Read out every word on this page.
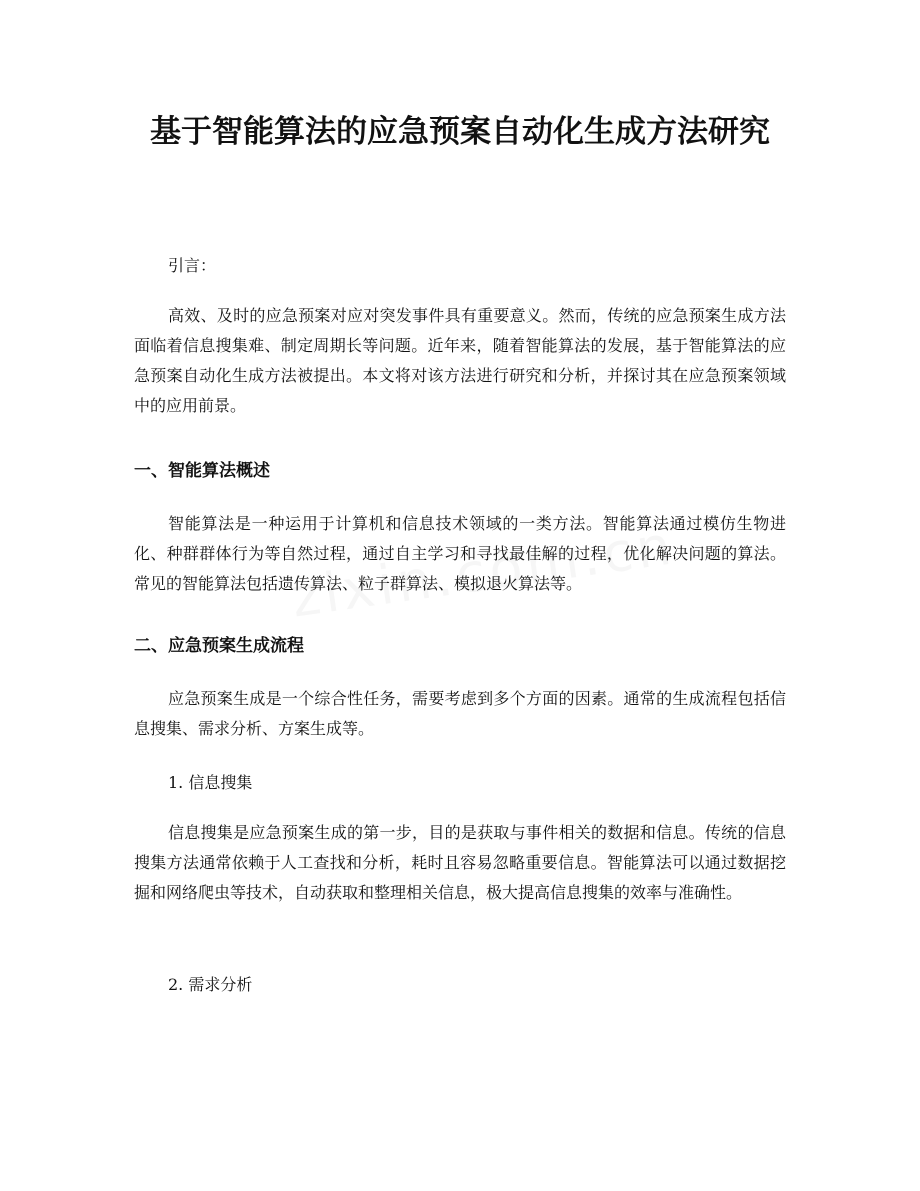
基于智能算法的应急预案自动化生成方法研究
引言：
高效、及时的应急预案对应对突发事件具有重要意义。然而，传统的应急预案生成方法面临着信息搜集难、制定周期长等问题。近年来，随着智能算法的发展，基于智能算法的应急预案自动化生成方法被提出。本文将对该方法进行研究和分析，并探讨其在应急预案领域中的应用前景。
一、智能算法概述
智能算法是一种运用于计算机和信息技术领域的一类方法。智能算法通过模仿生物进化、种群群体行为等自然过程，通过自主学习和寻找最佳解的过程，优化解决问题的算法。常见的智能算法包括遗传算法、粒子群算法、模拟退火算法等。
二、应急预案生成流程
应急预案生成是一个综合性任务，需要考虑到多个方面的因素。通常的生成流程包括信息搜集、需求分析、方案生成等。
1. 信息搜集
信息搜集是应急预案生成的第一步，目的是获取与事件相关的数据和信息。传统的信息搜集方法通常依赖于人工查找和分析，耗时且容易忽略重要信息。智能算法可以通过数据挖掘和网络爬虫等技术，自动获取和整理相关信息，极大提高信息搜集的效率与准确性。
2. 需求分析
